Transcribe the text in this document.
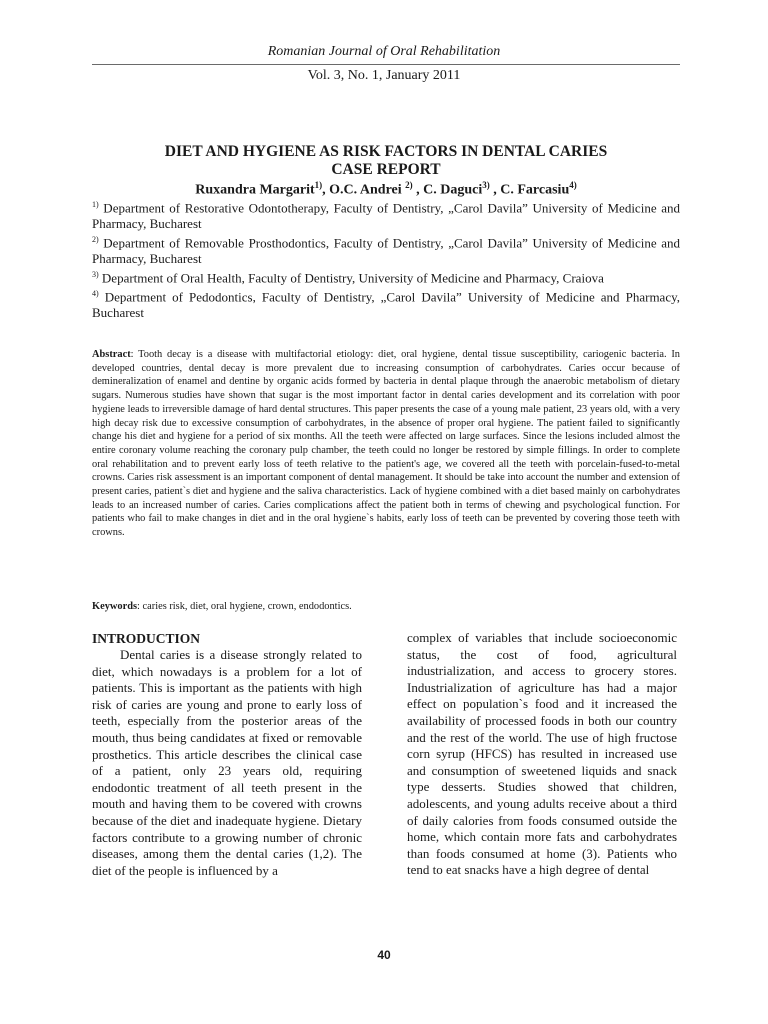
Romanian Journal of Oral Rehabilitation
Vol. 3, No. 1, January 2011
DIET AND HYGIENE AS RISK FACTORS IN DENTAL CARIES
CASE REPORT
Ruxandra Margarit$^{1)}$, O.C. Andrei $^{2)}$ , C. Daguci$^{3)}$ , C. Farcasiu$^{4)}$

$^{1)}$ Department of Restorative Odontotherapy, Faculty of Dentistry, „Carol Davila” University of Medicine and Pharmacy, Bucharest

$^{2)}$ Department of Removable Prosthodontics, Faculty of Dentistry, „Carol Davila” University of Medicine and Pharmacy, Bucharest

$^{3)}$ Department of Oral Health, Faculty of Dentistry, University of Medicine and Pharmacy, Craiova

$^{4)}$ Department of Pedodontics, Faculty of Dentistry, „Carol Davila” University of Medicine and Pharmacy, Bucharest

Abstract: Tooth decay is a disease with multifactorial etiology: diet, oral hygiene, dental tissue susceptibility, cariogenic bacteria. In developed countries, dental decay is more prevalent due to increasing consumption of carbohydrates. Caries occur because of demineralization of enamel and dentine by organic acids formed by bacteria in dental plaque through the anaerobic metabolism of dietary sugars. Numerous studies have shown that sugar is the most important factor in dental caries development and its correlation with poor hygiene leads to irreversible damage of hard dental structures. This paper presents the case of a young male patient, 23 years old, with a very high decay risk due to excessive consumption of carbohydrates, in the absence of proper oral hygiene. The patient failed to significantly change his diet and hygiene for a period of six months. All the teeth were affected on large surfaces. Since the lesions included almost the entire coronary volume reaching the coronary pulp chamber, the teeth could no longer be restored by simple fillings. In order to complete oral rehabilitation and to prevent early loss of teeth relative to the patient's age, we covered all the teeth with porcelain-fused-to-metal crowns. Caries risk assessment is an important component of dental management. It should be take into account the number and extension of present caries, patient`s diet and hygiene and the saliva characteristics. Lack of hygiene combined with a diet based mainly on carbohydrates leads to an increased number of caries. Caries complications affect the patient both in terms of chewing and psychological function. For patients who fail to make changes in diet and in the oral hygiene`s habits, early loss of teeth can be prevented by covering those teeth with crowns.

Keywords: caries risk, diet, oral hygiene, crown, endodontics.

INTRODUCTION

Dental caries is a disease strongly related to diet, which nowadays is a problem for a lot of patients. This is important as the patients with high risk of caries are young and prone to early loss of teeth, especially from the posterior areas of the mouth, thus being candidates at fixed or removable prosthetics. This article describes the clinical case of a patient, only 23 years old, requiring endodontic treatment of all teeth present in the mouth and having them to be covered with crowns because of the diet and inadequate hygiene. Dietary factors contribute to a growing number of chronic diseases, among them the dental caries (1,2). The diet of the people is influenced by a

complex of variables that include socioeconomic status, the cost of food, agricultural industrialization, and access to grocery stores. Industrialization of agriculture has had a major effect on population`s food and it increased the availability of processed foods in both our country and the rest of the world. The use of high fructose corn syrup (HFCS) has resulted in increased use and consumption of sweetened liquids and snack type desserts. Studies showed that children, adolescents, and young adults receive about a third of daily calories from foods consumed outside the home, which contain more fats and carbohydrates than foods consumed at home (3). Patients who tend to eat snacks have a high degree of dental

40
